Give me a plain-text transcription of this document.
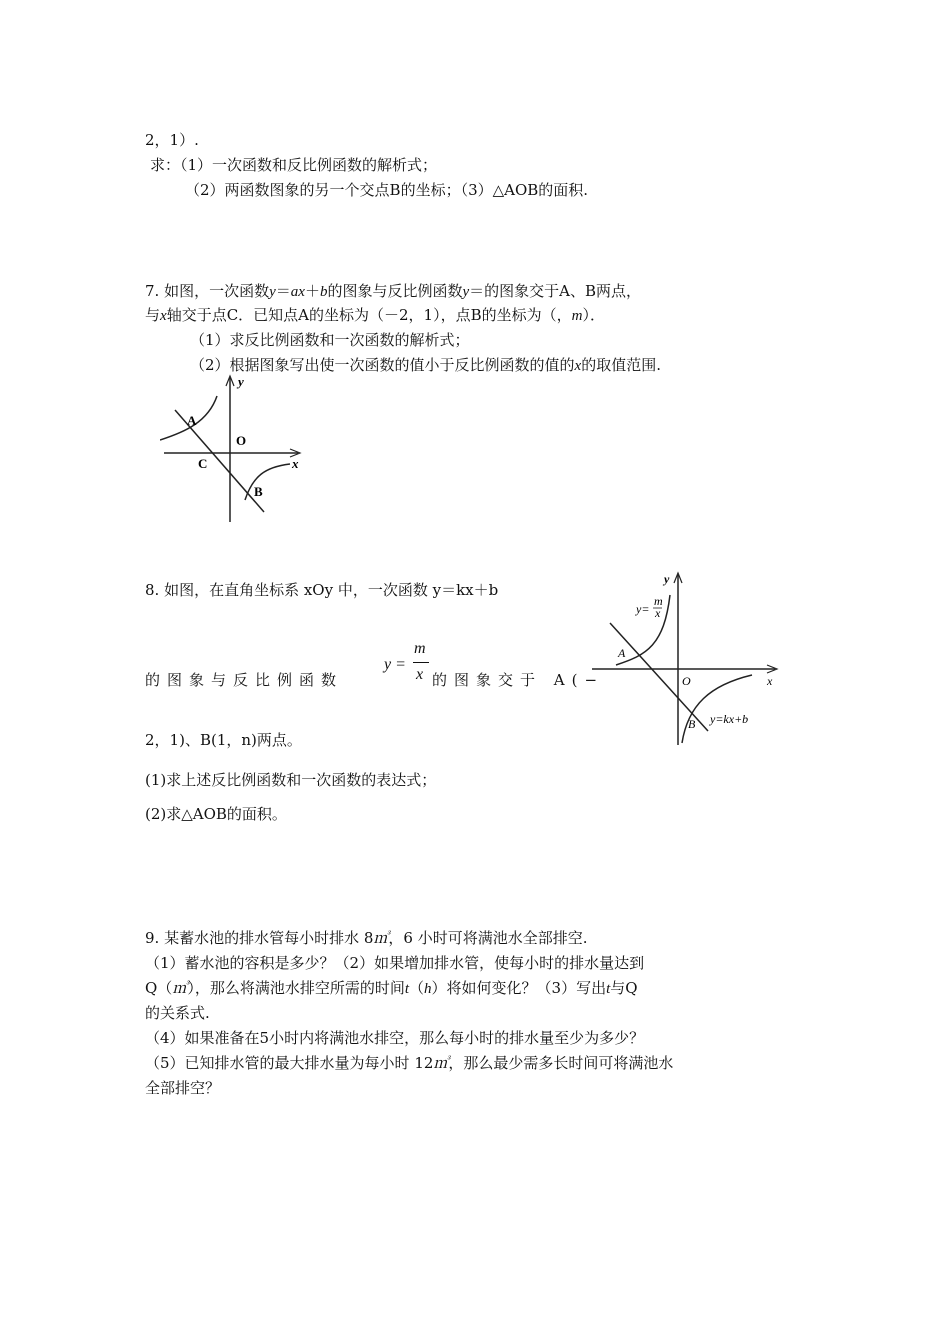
2，1）.
求：（1）一次函数和反比例函数的解析式；
（2）两函数图象的另一个交点B的坐标；（3）△AOB的面积.
7. 如图，一次函数y＝ax＋b的图象与反比例函数y＝的图象交于A、B两点，
与x轴交于点C．已知点A的坐标为（－2，1），点B的坐标为（，m）．
（1）求反比例函数和一次函数的解析式；
（2）根据图象写出使一次函数的值小于反比例函数的值的x的取值范围.
y
A
O
C	x
B
8. 如图，在直角坐标系 xOy 中，一次函数 y＝kx＋b
的图象与反比例函数
y =
m
x 的图象交于 A(−
2，1)、B(1，n)两点。
(1)求上述反比例函数和一次函数的表达式；
(2)求△AOB的面积。
y
y=
m
x
A
O	x
B y=kx+b
9. 某蓄水池的排水管每小时排水 8㎥，6 小时可将满池水全部排空.
（1）蓄水池的容积是多少？（2）如果增加排水管，使每小时的排水量达到
Q（㎥），那么将满池水排空所需的时间t（h）将如何变化？（3）写出t与Q
的关系式.
（4）如果准备在5小时内将满池水排空，那么每小时的排水量至少为多少？
（5）已知排水管的最大排水量为每小时 12㎥，那么最少需多长时间可将满池水
全部排空？
